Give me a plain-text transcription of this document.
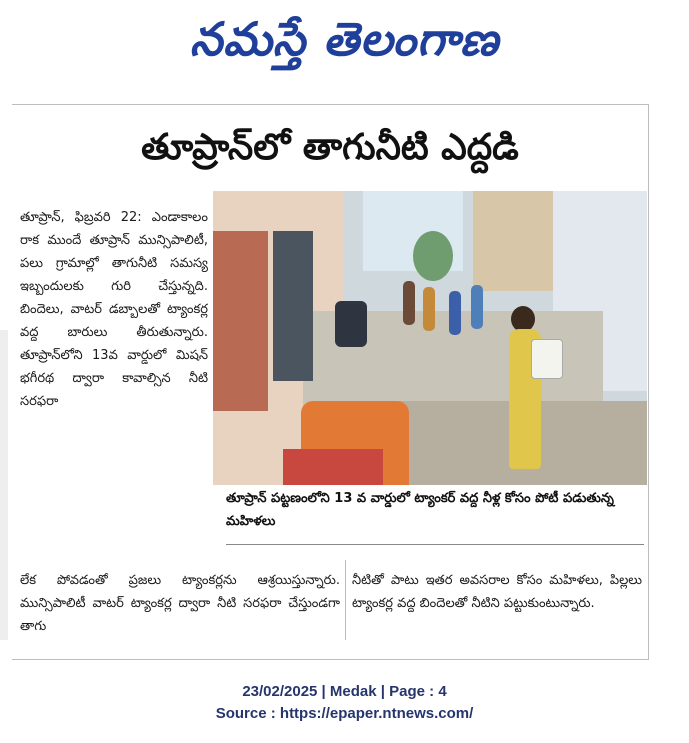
నమస్తే తెలంగాణ
తూప్రాన్‌లో తాగునీటి ఎద్దడి

తూప్రాన్, ఫిబ్రవరి 22: ఎండాకాలం రాక ముందే తూప్రాన్ మున్సిపాలిటీ, పలు గ్రామాల్లో తాగునీటి సమస్య ఇబ్బందులకు గురి చేస్తున్నది. బిందెలు, వాటర్ డబ్బాలతో ట్యాంకర్ల వద్ద బారులు తీరుతున్నారు. తూప్రాన్‌లోని 13వ వార్డులో మిషన్ భగీరథ ద్వారా కావాల్సిన నీటి సరఫరా

తూప్రాన్ పట్టణంలోని 13 వ వార్డులో ట్యాంకర్ వద్ద నీళ్ల కోసం పోటీ పడుతున్న మహిళలు
లేక పోవడంతో ప్రజలు ట్యాంకర్లను ఆశ్రయిస్తున్నారు. మున్సిపాలిటీ వాటర్ ట్యాంకర్ల ద్వారా నీటి సరఫరా చేస్తుండగా తాగు
నీటితో పాటు ఇతర అవసరాల కోసం మహిళలు, పిల్లలు ట్యాంకర్ల వద్ద బిందెలతో నీటిని పట్టుకుంటున్నారు.
23/02/2025 | Medak | Page : 4
Source : https://epaper.ntnews.com/
